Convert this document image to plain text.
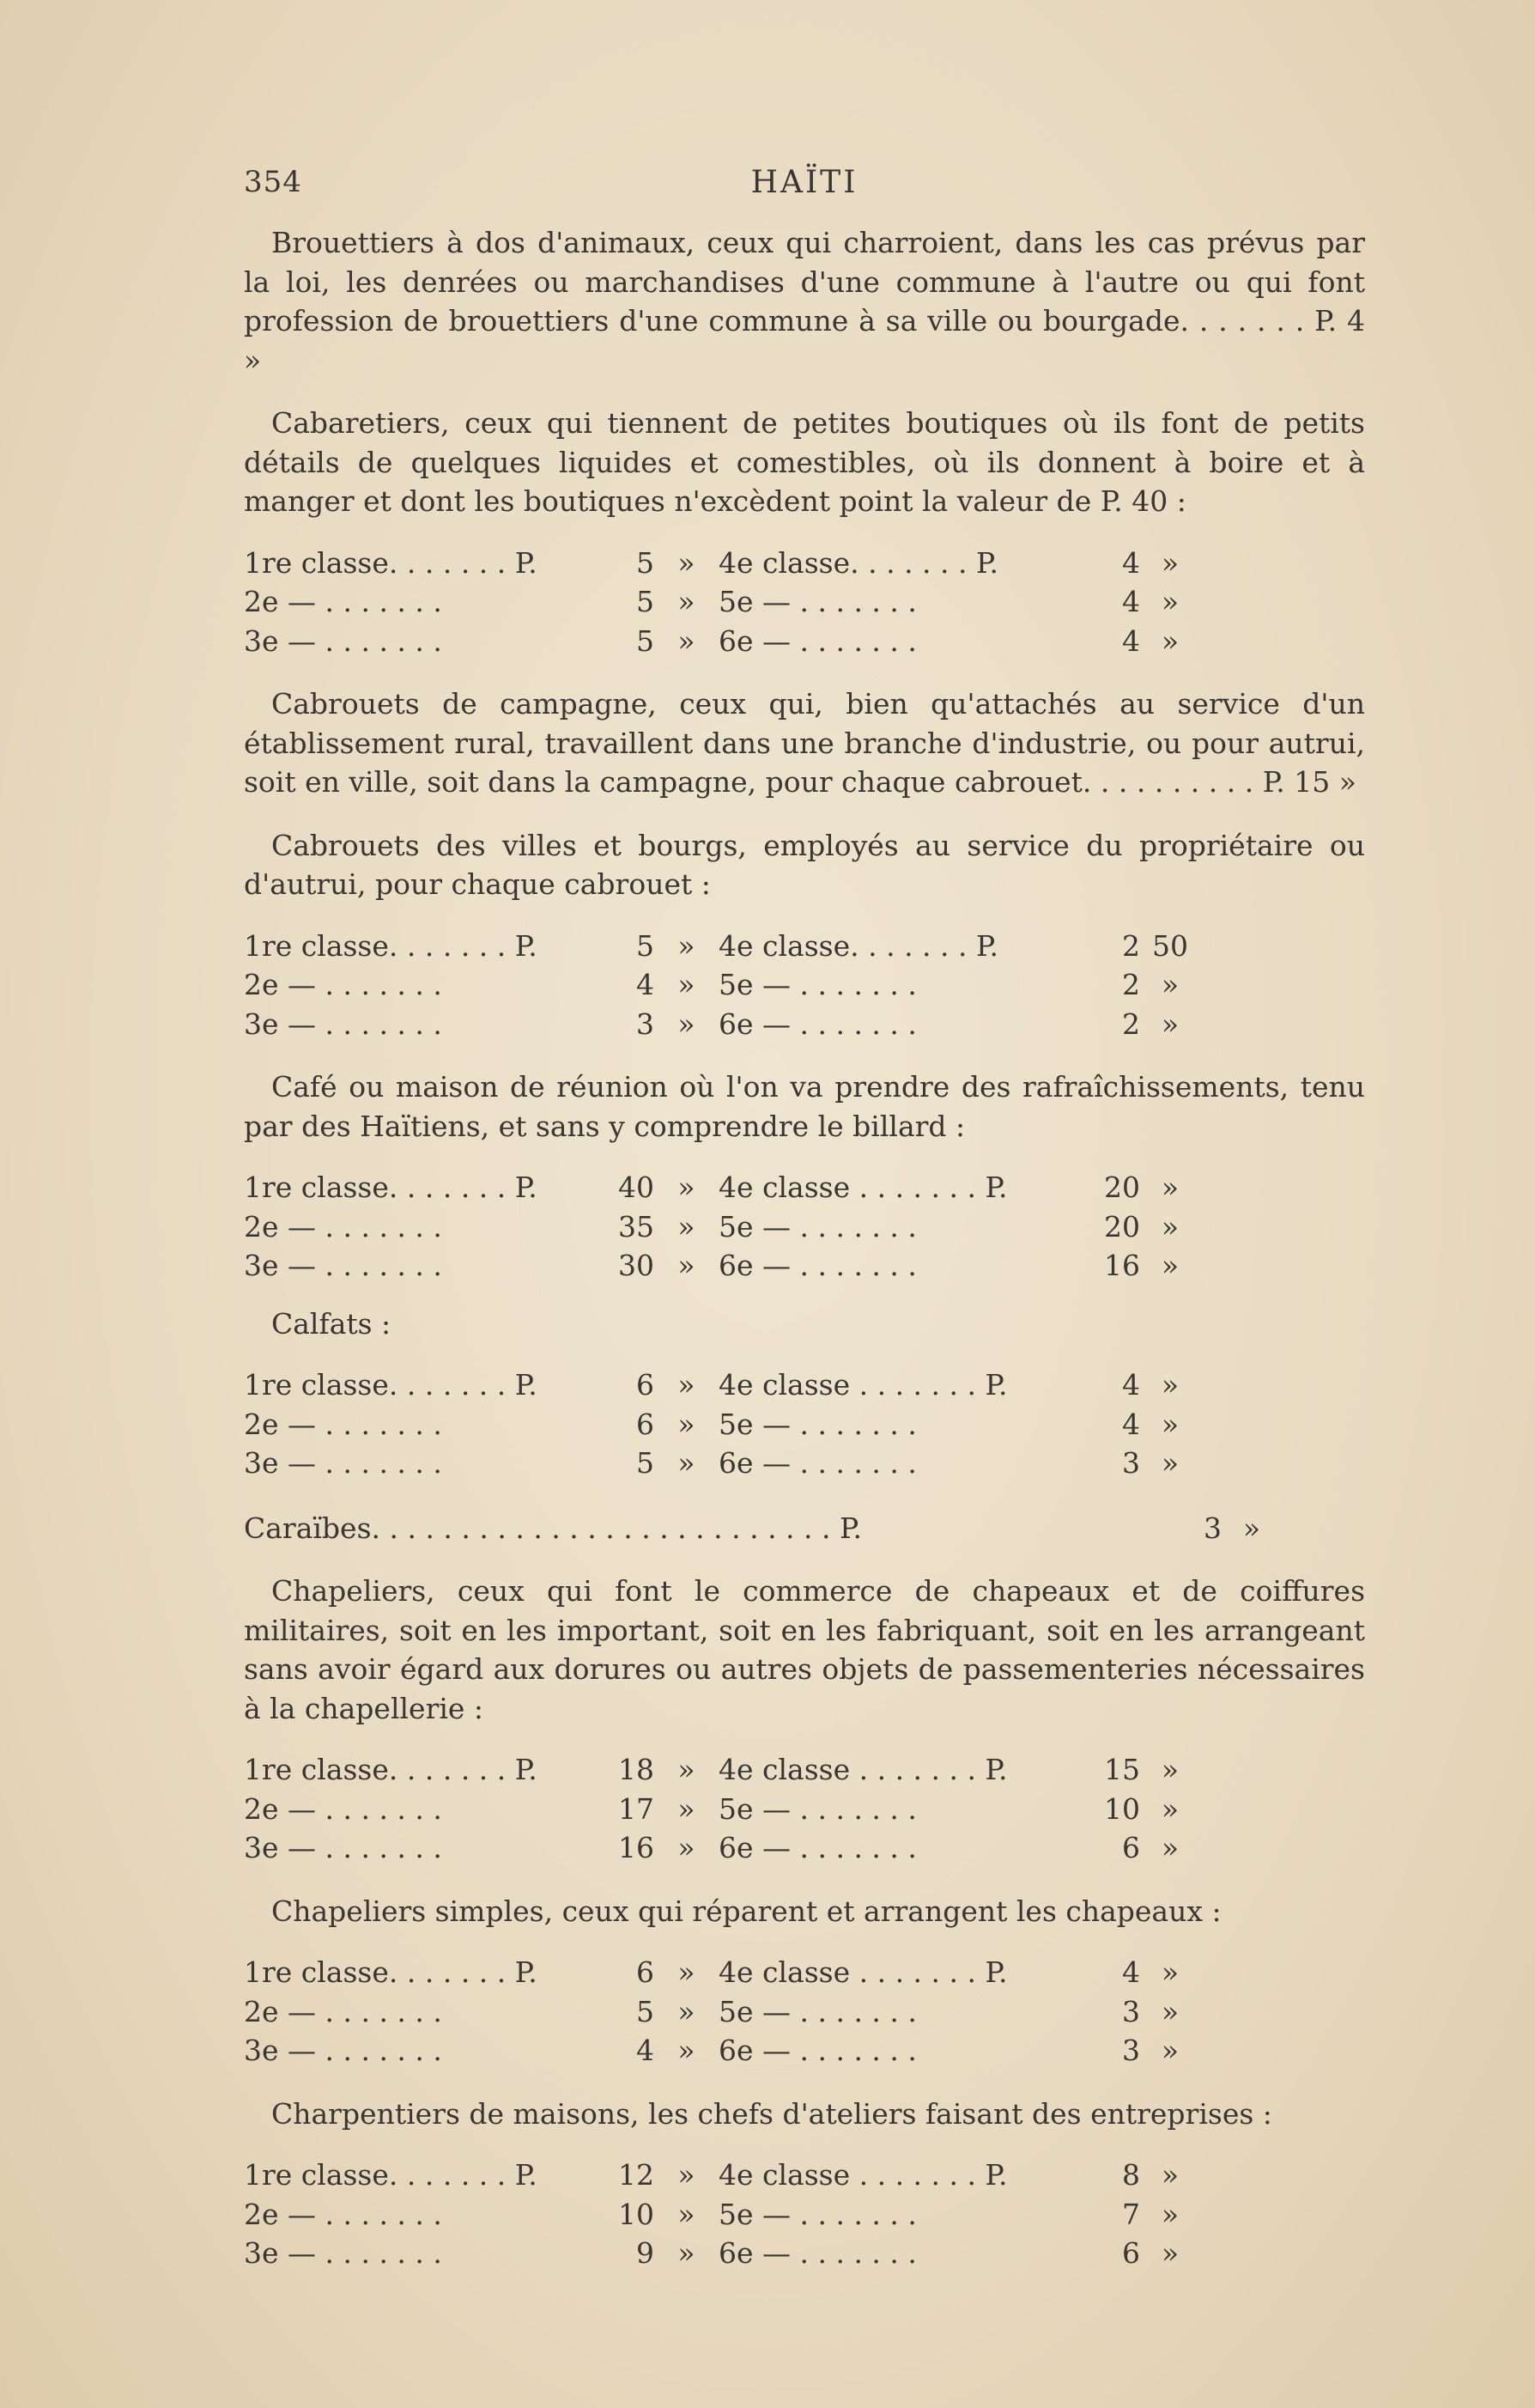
354	HAÏTI

Brouettiers à dos d'animaux, ceux qui charroient, dans les cas prévus par la loi, les denrées ou marchandises d'une commune à l'autre ou qui font profession de brouettiers d'une commune à sa ville ou bourgade. . . . . . . P. 4 »

Cabaretiers, ceux qui tiennent de petites boutiques où ils font de petits détails de quelques liquides et comestibles, où ils donnent à boire et à manger et dont les boutiques n'excèdent point la valeur de P. 40 :

1re classe. . . . . . . P.	5	»	4e classe. . . . . . . P.	4	»
2e — . . . . . . .	5	»	5e — . . . . . . .	4	»
3e — . . . . . . .	5	»	6e — . . . . . . .	4	»

Cabrouets de campagne, ceux qui, bien qu'attachés au service d'un établissement rural, travaillent dans une branche d'industrie, ou pour autrui, soit en ville, soit dans la campagne, pour chaque cabrouet. . . . . . . . . . P. 15 »

Cabrouets des villes et bourgs, employés au service du propriétaire ou d'autrui, pour chaque cabrouet :

1re classe. . . . . . . P.	5	»	4e classe. . . . . . . P.	2	50
2e — . . . . . . .	4	»	5e — . . . . . . .	2	»
3e — . . . . . . .	3	»	6e — . . . . . . .	2	»

Café ou maison de réunion où l'on va prendre des rafraîchissements, tenu par des Haïtiens, et sans y comprendre le billard :

1re classe. . . . . . . P.	40	»	4e classe . . . . . . . P.	20	»
2e — . . . . . . .	35	»	5e — . . . . . . .	20	»
3e — . . . . . . .	30	»	6e — . . . . . . .	16	»
Calfats :
1re classe. . . . . . . P.	6	»	4e classe . . . . . . . P.	4	»
2e — . . . . . . .	6	»	5e — . . . . . . .	4	»
3e — . . . . . . .	5	»	6e — . . . . . . .	3	»
Caraïbes. . . . . . . . . . . . . . . . . . . . . . . . . . P.	3 »

Chapeliers, ceux qui font le commerce de chapeaux et de coiffures militaires, soit en les important, soit en les fabriquant, soit en les arrangeant sans avoir égard aux dorures ou autres objets de passementeries nécessaires à la chapellerie :

1re classe. . . . . . . P.	18	»	4e classe . . . . . . . P.	15	»
2e — . . . . . . .	17	»	5e — . . . . . . .	10	»
3e — . . . . . . .	16	»	6e — . . . . . . .	6	»

Chapeliers simples, ceux qui réparent et arrangent les chapeaux :

1re classe. . . . . . . P.	6	»	4e classe . . . . . . . P.	4	»
2e — . . . . . . .	5	»	5e — . . . . . . .	3	»
3e — . . . . . . .	4	»	6e — . . . . . . .	3	»

Charpentiers de maisons, les chefs d'ateliers faisant des entreprises :

1re classe. . . . . . . P.	12	»	4e classe . . . . . . . P.	8	»
2e — . . . . . . .	10	»	5e — . . . . . . .	7	»
3e — . . . . . . .	9	»	6e — . . . . . . .	6	»
